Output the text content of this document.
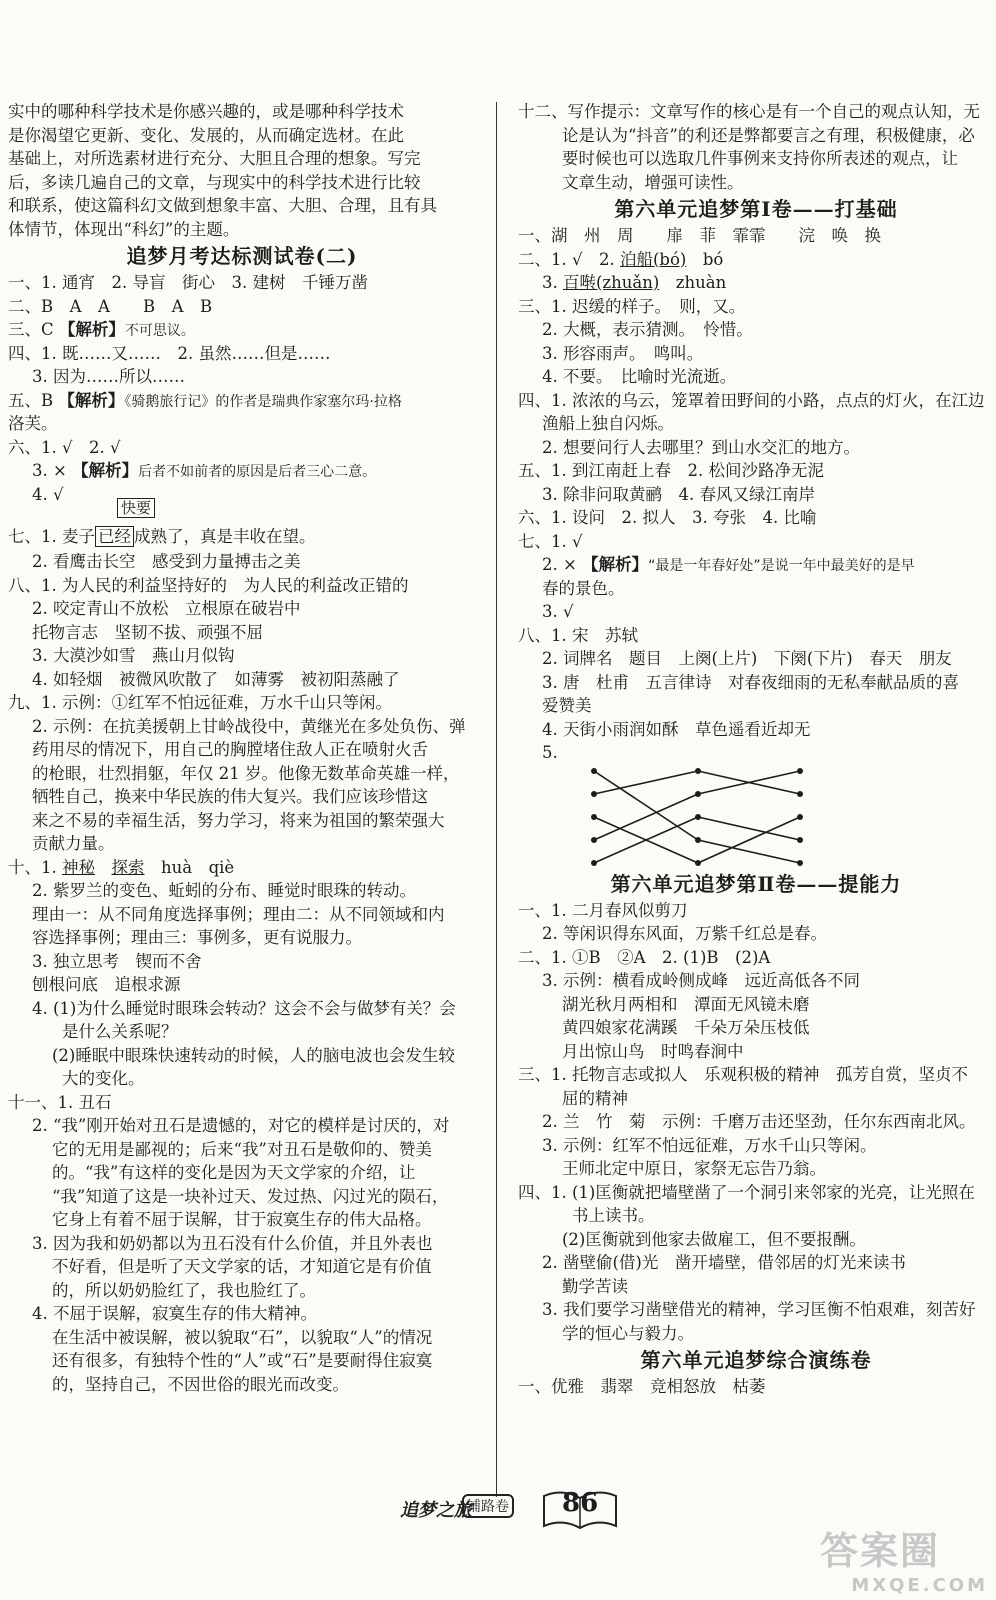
实中的哪种科学技术是你感兴趣的，或是哪种科学技术
是你渴望它更新、变化、发展的，从而确定选材。在此
基础上，对所选素材进行充分、大胆且合理的想象。写完
后，多读几遍自己的文章，与现实中的科学技术进行比较
和联系，使这篇科幻文做到想象丰富、大胆、合理，且有具
体情节，体现出“科幻”的主题。
追梦月考达标测试卷(二)
一、1. 通宵　2. 导盲　街心　3. 建树　千锤万凿
二、B　A　A　　B　A　B
三、C 【解析】不可思议。
四、1. 既……又……　2. 虽然……但是……
3. 因为……所以……
五、B 【解析】《骑鹅旅行记》的作者是瑞典作家塞尔玛·拉格
洛芙。
六、1. √　2. √
3. × 【解析】后者不如前者的原因是后者三心二意。
4. √
七、1. 麦子
快要
已经 成熟了，真是丰收在望。
2. 看鹰击长空　感受到力量搏击之美
八、1. 为人民的利益坚持好的　为人民的利益改正错的
2. 咬定青山不放松　立根原在破岩中
托物言志　坚韧不拔、顽强不屈
3. 大漠沙如雪　燕山月似钩
4. 如轻烟　被微风吹散了　如薄雾　被初阳蒸融了
九、1. 示例：①红军不怕远征难，万水千山只等闲。
2. 示例：在抗美援朝上甘岭战役中，黄继光在多处负伤、弹
药用尽的情况下，用自己的胸膛堵住敌人正在喷射火舌
的枪眼，壮烈捐躯，年仅 21 岁。他像无数革命英雄一样，
牺牲自己，换来中华民族的伟大复兴。我们应该珍惜这
来之不易的幸福生活，努力学习，将来为祖国的繁荣强大
贡献力量。
十、1. 神秘　 探索　 huà　qiè
2. 紫罗兰的变色、蚯蚓的分布、睡觉时眼珠的转动。
理由一：从不同角度选择事例；理由二：从不同领域和内
容选择事例；理由三：事例多，更有说服力。
3. 独立思考　锲而不舍
刨根问底　追根求源
4. (1)为什么睡觉时眼珠会转动？这会不会与做梦有关？会
是什么关系呢？
(2)睡眠中眼珠快速转动的时候，人的脑电波也会发生较
大的变化。
十一、1. 丑石
2. “我”刚开始对丑石是遗憾的，对它的模样是讨厌的，对
它的无用是鄙视的；后来“我”对丑石是敬仰的、赞美
的。“我”有这样的变化是因为天文学家的介绍，让
“我”知道了这是一块补过天、发过热、闪过光的陨石，
它身上有着不屈于误解，甘于寂寞生存的伟大品格。
3. 因为我和奶奶都以为丑石没有什么价值，并且外表也
不好看，但是听了天文学家的话，才知道它是有价值
的，所以奶奶脸红了，我也脸红了。
4. 不屈于误解，寂寞生存的伟大精神。
在生活中被误解，被以貌取“石”，以貌取“人”的情况
还有很多，有独特个性的“人”或“石”是要耐得住寂寞
的，坚持自己，不因世俗的眼光而改变。
十二、写作提示：文章写作的核心是有一个自己的观点认知，无
论是认为“抖音”的利还是弊都要言之有理，积极健康，必
要时候也可以选取几件事例来支持你所表述的观点，让
文章生动，增强可读性。
第六单元追梦第Ⅰ卷——打基础
一、湖　州　周　　扉　菲　霏霏　　浣　唤　换
二、1. √　2. 泊船(bó)　 bó
3. 百啭(zhuǎn)　 zhuàn
三、1. 迟缓的样子。　则，又。
2. 大概，表示猜测。　怜惜。
3. 形容雨声。　鸣叫。
4. 不要。　比喻时光流逝。
四、1. 浓浓的乌云，笼罩着田野间的小路，点点的灯火，在江边
渔船上独自闪烁。
2. 想要问行人去哪里？到山水交汇的地方。
五、1. 到江南赶上春　2. 松间沙路净无泥
3. 除非问取黄鹂　4. 春风又绿江南岸
六、1. 设问　2. 拟人　3. 夸张　4. 比喻
七、1. √
2. × 【解析】“最是一年春好处”是说一年中最美好的是早
春的景色。
3. √
八、1. 宋　苏轼
2. 词牌名　题目　上阕(上片)　下阕(下片)　春天　朋友
3. 唐　杜甫　五言律诗　对春夜细雨的无私奉献品质的喜
爱赞美
4. 天街小雨润如酥　草色遥看近却无
5.
第六单元追梦第Ⅱ卷——提能力
一、1. 二月春风似剪刀
2. 等闲识得东风面，万紫千红总是春。
二、1. ①B　②A　2. (1)B　(2)A
3. 示例：横看成岭侧成峰　远近高低各不同
湖光秋月两相和　潭面无风镜未磨
黄四娘家花满蹊　千朵万朵压枝低
月出惊山鸟　时鸣春涧中
三、1. 托物言志或拟人　乐观积极的精神　孤芳自赏，坚贞不
屈的精神
2. 兰　竹　菊　示例：千磨万击还坚劲，任尔东西南北风。
3. 示例：红军不怕远征难，万水千山只等闲。
王师北定中原日，家祭无忘告乃翁。
四、1. (1)匡衡就把墙壁凿了一个洞引来邻家的光亮，让光照在
书上读书。
(2)匡衡就到他家去做雇工，但不要报酬。
2. 凿壁偷(借)光　凿开墙壁，借邻居的灯光来读书
勤学苦读
3. 我们要学习凿壁借光的精神，学习匡衡不怕艰难，刻苦好
学的恒心与毅力。
第六单元追梦综合演练卷
一、优雅　翡翠　竞相怒放　枯萎
追梦之旅
铺路卷 86
答案圈
MXQE.COM
